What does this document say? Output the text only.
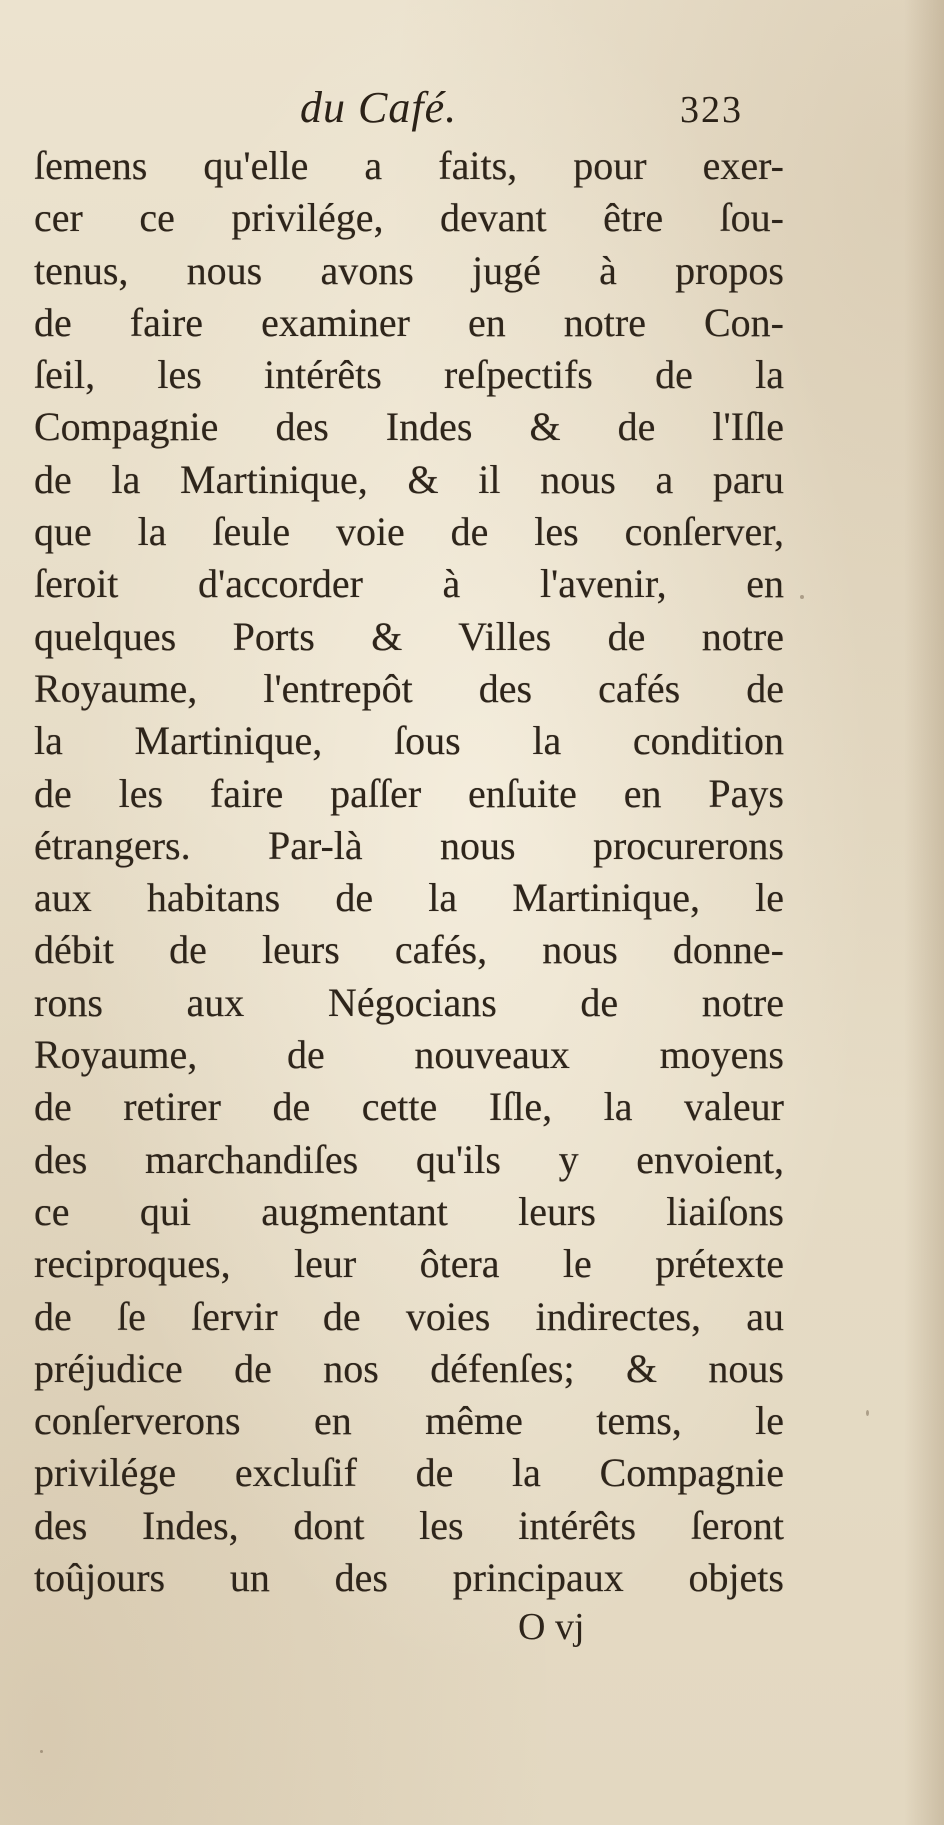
du Café.	323
ſemens qu'elle a faits, pour exer-
cer ce privilége, devant être ſou-
tenus, nous avons jugé à propos
de faire examiner en notre Con-
ſeil, les intérêts reſpectifs de la
Compagnie des Indes & de l'Iſle
de la Martinique, & il nous a paru
que la ſeule voie de les conſerver,
ſeroit d'accorder à l'avenir, en
quelques Ports & Villes de notre
Royaume, l'entrepôt des cafés de
la Martinique, ſous la condition
de les faire paſſer enſuite en Pays
étrangers. Par-là nous procurerons
aux habitans de la Martinique, le
débit de leurs cafés, nous donne-
rons aux Négocians de notre
Royaume, de nouveaux moyens
de retirer de cette Iſle, la valeur
des marchandiſes qu'ils y envoient,
ce qui augmentant leurs liaiſons
reciproques, leur ôtera le prétexte
de ſe ſervir de voies indirectes, au
préjudice de nos défenſes; & nous
conſerverons en même tems, le
privilége excluſif de la Compagnie
des Indes, dont les intérêts ſeront
toûjours un des principaux objets
O vj
